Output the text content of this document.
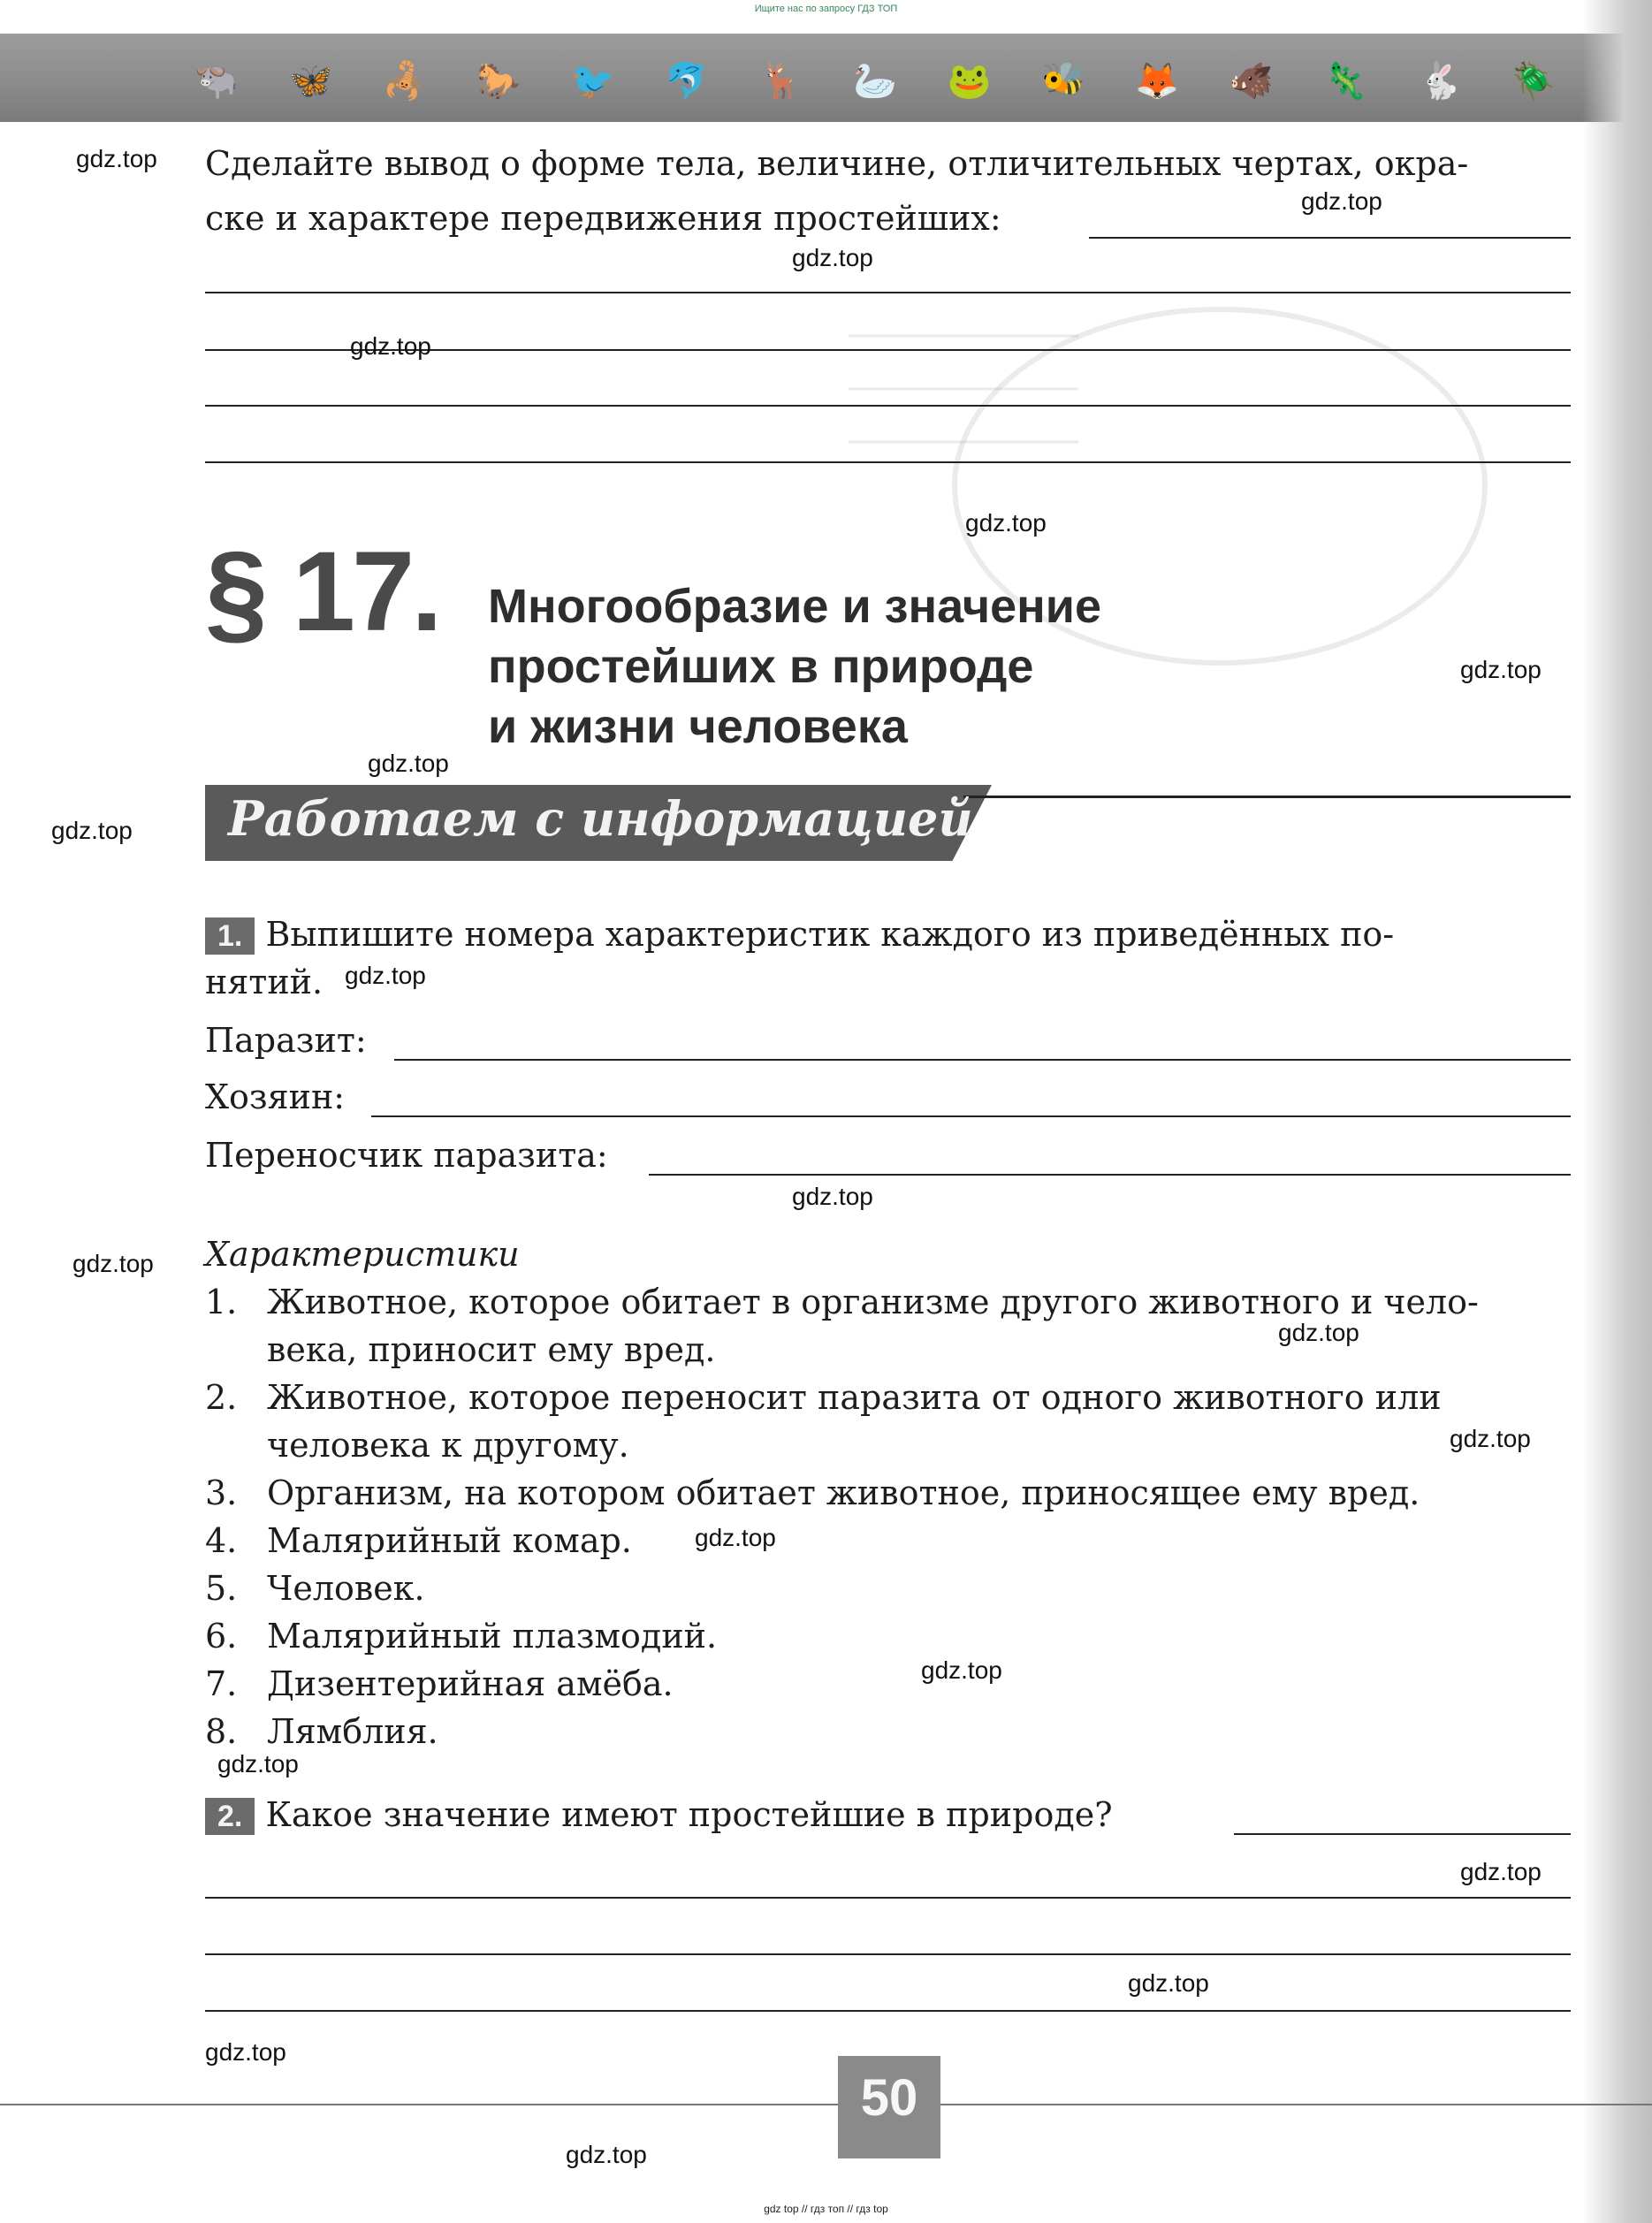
Ищите нас по запросу ГДЗ ТОП
🐃 🦋 🦂 🐎 🐦 🐬 🦌 🦢 🐸 🐝 🦊 🐗 🦎 🐇 🪲
Сделайте вывод о форме тела, величине, отличительных чертах, окра-
ске и характере передвижения простейших:
§ 17. Многообразие и значение
простейших в природе
и жизни человека
Работаем с информацией
1. Выпишите номера характеристик каждого из приведённых по-
нятий.
Паразит:
Хозяин:
Переносчик паразита:
Характеристики
1. Животное, которое обитает в организме другого животного и чело-
века, приносит ему вред.
2. Животное, которое переносит паразита от одного животного или
человека к другому.
3. Организм, на котором обитает животное, приносящее ему вред.
4. Малярийный комар.
5. Человек.
6. Малярийный плазмодий.
7. Дизентерийная амёба.
8. Лямблия.
2. Какое значение имеют простейшие в природе?
50
gdz.top
gdz.top
gdz.top
gdz.top
gdz.top
gdz.top
gdz.top
gdz.top
gdz.top
gdz.top
gdz.top
gdz.top
gdz.top
gdz.top
gdz.top
gdz.top
gdz.top
gdz.top
gdz.top
gdz.top
gdz top // гдз топ // гдз top
